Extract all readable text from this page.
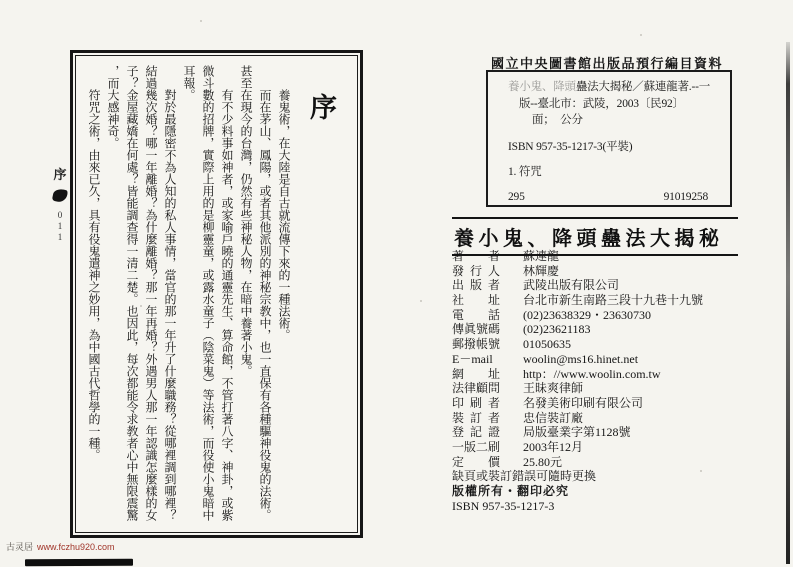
序
0
1
1
序

養鬼術，在大陸是自古就流傳下來的一種法術。

而在茅山、鳳陽，或者其他派別的神秘宗教中，也一直保有各種驅神役鬼的法術。甚至在現今的台灣，仍然有些神秘人物，在暗中養著小鬼。

有不少料事如神者，或家喻戶曉的通靈先生、算命館，不管打著八字、神卦，或紫微斗數的招牌，實際上用的是柳靈童，或露水童子（陰菜鬼）等法術，而役使小鬼暗中耳報。

對於最隱密不為人知的私人事情，當官的那一年升了什麼職務？從哪裡調到哪裡？結過幾次婚？哪一年離婚？為什麼離婚？那一年再婚？外遇男人那一年認識怎麼樣的女子？金屋藏嬌在何處？皆能調查得一清二楚。也因此，每次都能令求教者心中無限震驚，而大感神奇。

符咒之術，由來已久，具有役鬼遣神之妙用，為中國古代哲學的一種。

國立中央圖書館出版品預行編目資料
養小鬼、降頭蠱法大揭秘／蘇連龍著.--一
版--臺北市：武陵，2003〔民92〕
面；　公分
ISBN 957-35-1217-3(平裝)
1. 符咒
295	91019258
養小鬼、降頭蠱法大揭秘
著　　者 蘇連龍
發 行 人 林輝慶
出 版 者 武陵出版有限公司
社　　址 台北市新生南路三段十九巷十九號
電　　話 (02)23638329・23630730
傳眞號碼 (02)23621183
郵撥帳號 01050635
E－mail	woolin@ms16.hinet.net
網　　址 http：//www.woolin.com.tw
法律顧問 王昧爽律師
印 刷 者 名發美術印刷有限公司
裝 訂 者 忠信裝訂廠
登 記 證 局版臺業字第1128號
一版二刷 2003年12月
定　　價 25.80元
缺頁或裝訂錯誤可隨時更換
版權所有・翻印必究
ISBN 957-35-1217-3
古灵居 www.fczhu920.com
